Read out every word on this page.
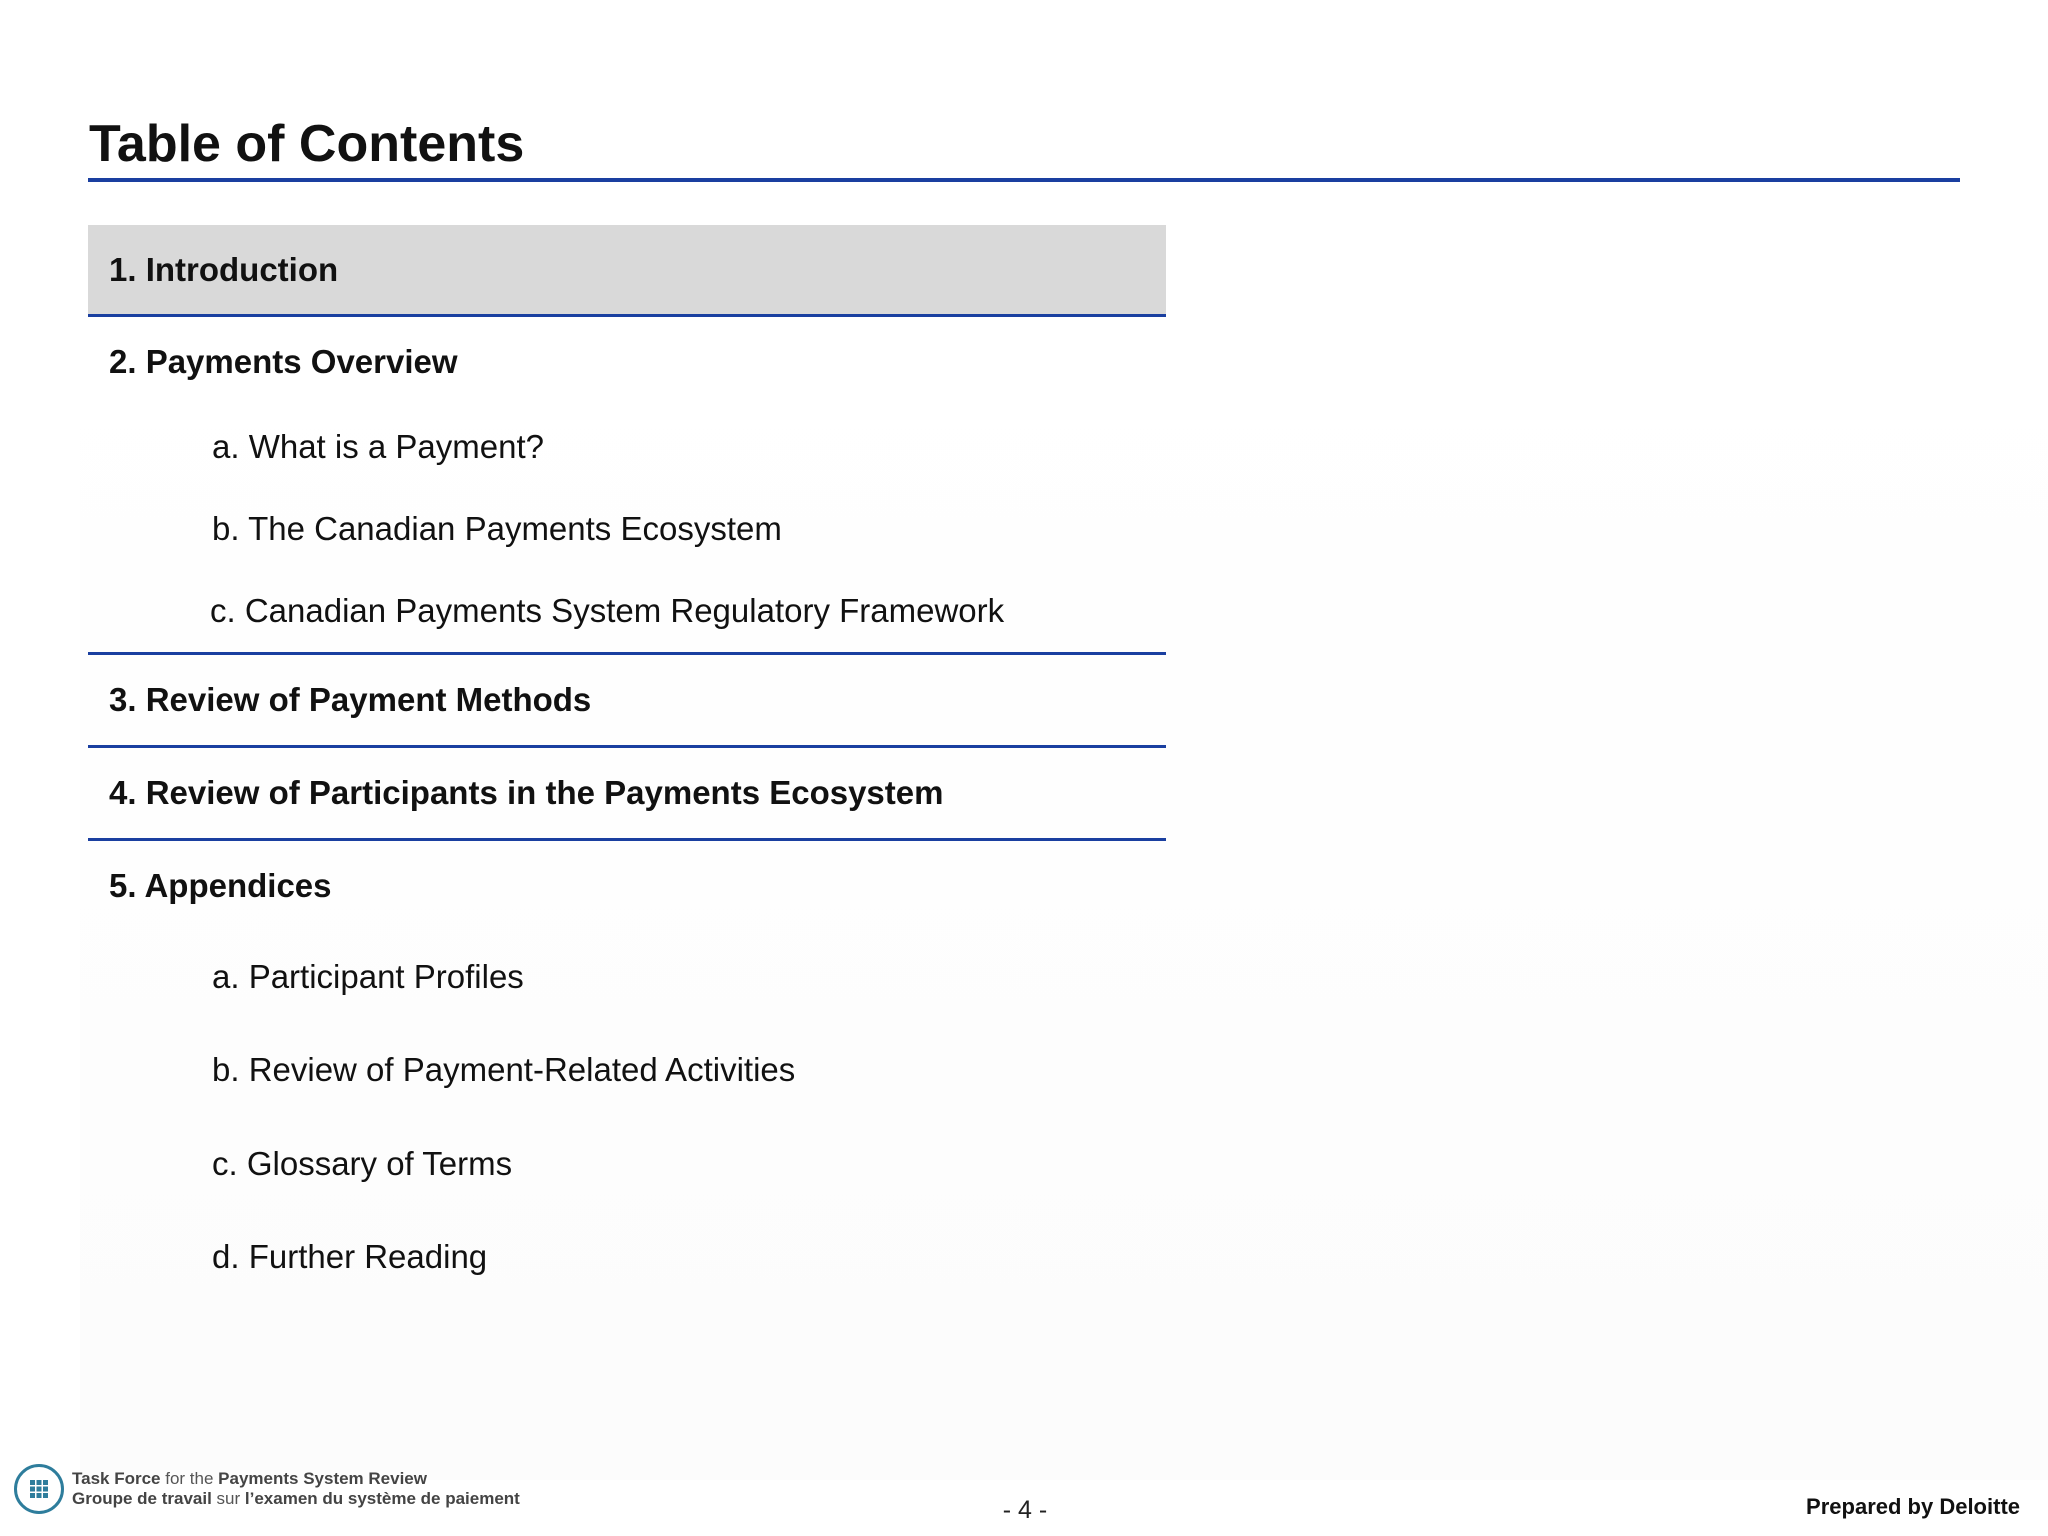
Table of Contents
1. Introduction
2. Payments Overview
a. What is a Payment?
b. The Canadian Payments Ecosystem
c. Canadian Payments System Regulatory Framework
3. Review of Payment Methods
4. Review of Participants in the Payments Ecosystem
5. Appendices
a. Participant Profiles
b. Review of Payment-Related Activities
c. Glossary of Terms
d. Further Reading
Task Force for the Payments System Review
Groupe de travail sur l’examen du système de paiement	- 4 -	Prepared by Deloitte
